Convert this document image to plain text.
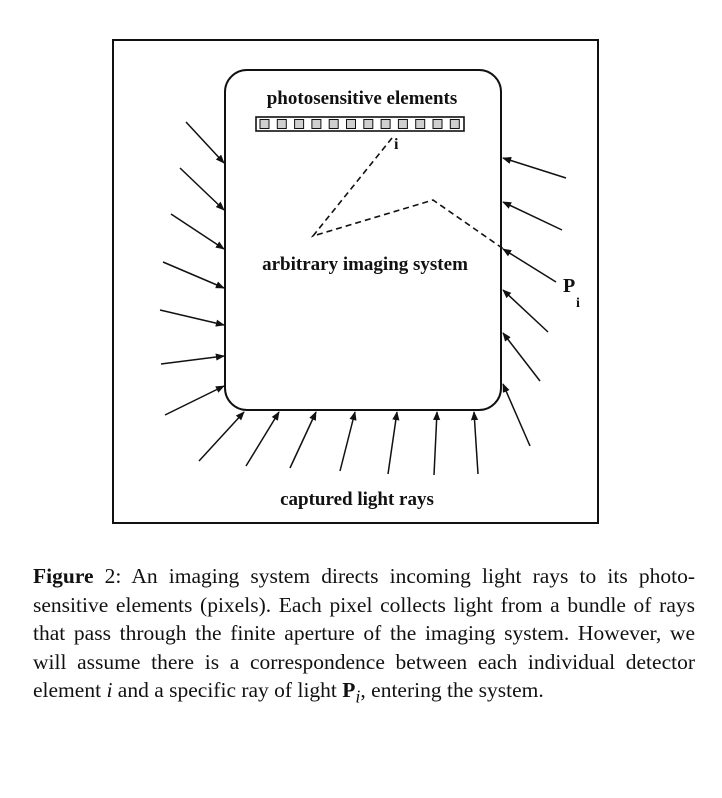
photosensitive elements
i
arbitrary imaging system
P
i
captured light rays
Figure 2: An imaging system directs incoming light rays to its photo-sensitive elements (pixels). Each pixel collects light from a bundle of rays that pass through the finite aperture of the imaging system. However, we will assume there is a correspondence between each individual detector element i and a specific ray of light $P_i$, entering the system.
